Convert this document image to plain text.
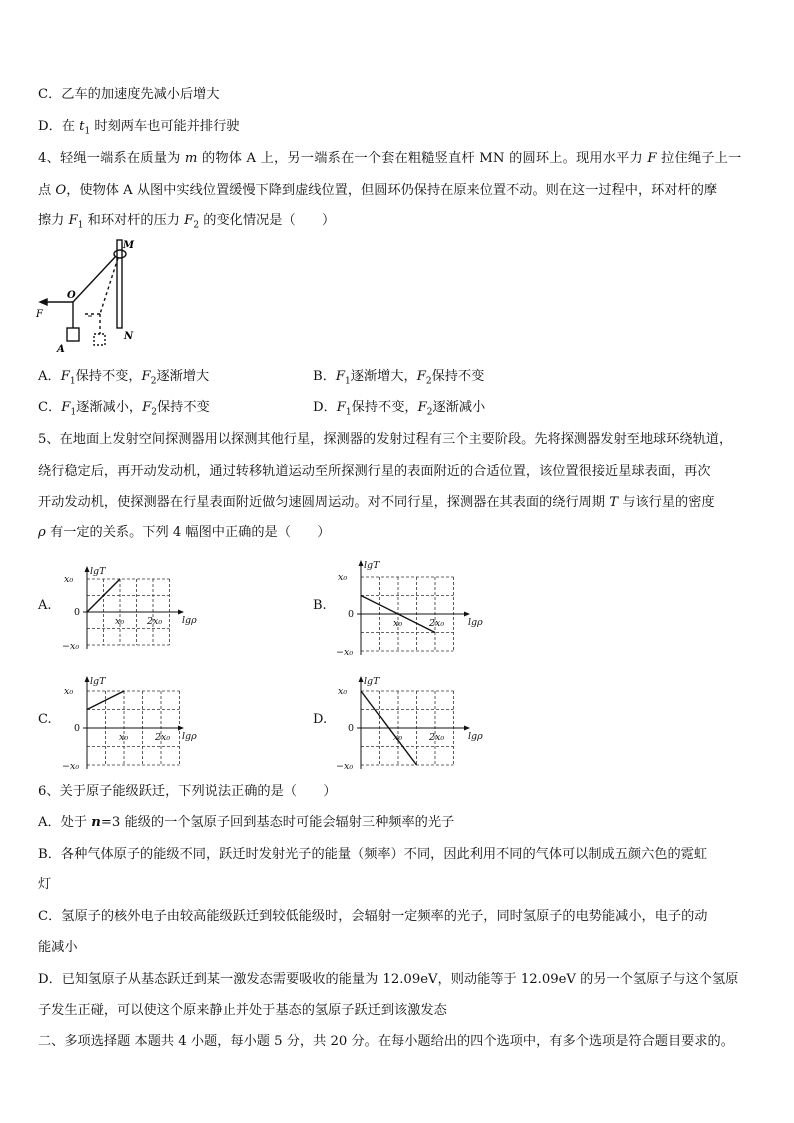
C．乙车的加速度先减小后增大
D．在 $t_1$ 时刻两车也可能并排行驶
4、轻绳一端系在质量为 m 的物体 A 上，另一端系在一个套在粗糙竖直杆 MN 的圆环上。现用水平力 F 拉住绳子上一
点 O，使物体 A 从图中实线位置缓慢下降到虚线位置，但圆环仍保持在原来位置不动。则在这一过程中，环对杆的摩
擦力 $F_1$ 和环对杆的压力 $F_2$ 的变化情况是（　　）
M
O
F
N
A
A．$F_1$保持不变，$F_2$逐渐增大	B．$F_1$逐渐增大，$F_2$保持不变
C．$F_1$逐渐减小，$F_2$保持不变	D．$F_1$保持不变，$F_2$逐渐减小
5、在地面上发射空间探测器用以探测其他行星，探测器的发射过程有三个主要阶段。先将探测器发射至地球环绕轨道，
绕行稳定后，再开动发动机，通过转移轨道运动至所探测行星的表面附近的合适位置，该位置很接近星球表面，再次
开动发动机，使探测器在行星表面附近做匀速圆周运动。对不同行星，探测器在其表面的绕行周期 T 与该行星的密度
ρ 有一定的关系。下列 4 幅图中正确的是（　　）
A.	B.
C.	D.
lgT
lgρ
x₀
0
−x₀
x₀ 2x₀
lgT
lgρ
x₀
0
−x₀
x₀	2x₀
lgT
lgρ
x₀
0
−x₀
x₀	2x₀
lgT
lgρ
x₀
0
−x₀
x₀	2x₀
6、关于原子能级跃迁，下列说法正确的是（　　）
A．处于 n=3 能级的一个氢原子回到基态时可能会辐射三种频率的光子
B．各种气体原子的能级不同，跃迁时发射光子的能量（频率）不同，因此利用不同的气体可以制成五颜六色的霓虹
灯
C．氢原子的核外电子由较高能级跃迁到较低能级时，会辐射一定频率的光子，同时氢原子的电势能减小，电子的动
能减小
D．已知氢原子从基态跃迁到某一激发态需要吸收的能量为 12.09eV，则动能等于 12.09eV 的另一个氢原子与这个氢原
子发生正碰，可以使这个原来静止并处于基态的氢原子跃迁到该激发态
二、多项选择题 本题共 4 小题，每小题 5 分，共 20 分。在每小题给出的四个选项中，有多个选项是符合题目要求的。
